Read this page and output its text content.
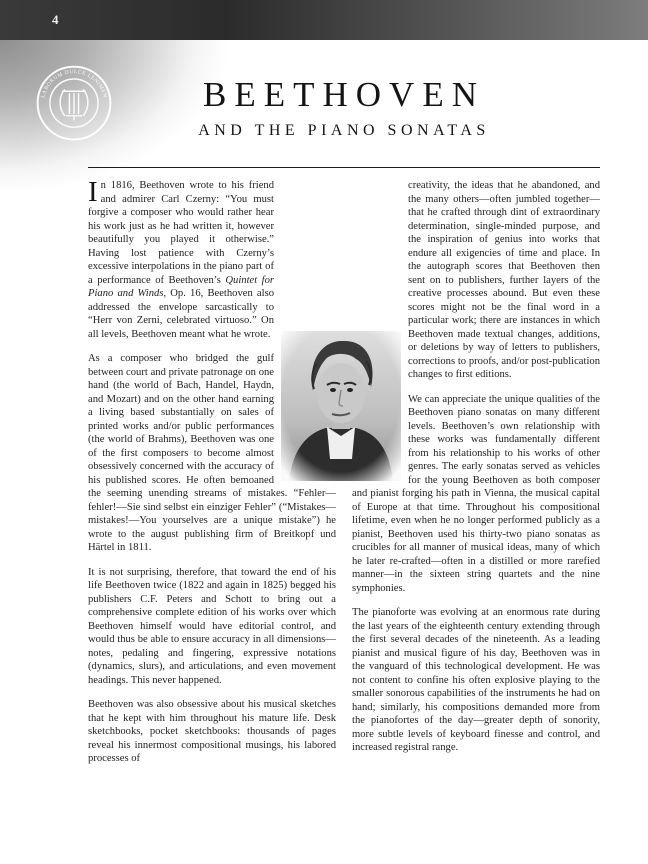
4
LABORUM DULCE LENIMEN	BEETHOVEN
AND THE PIANO SONATAS

In 1816, Beethoven wrote to his friend and admirer Carl Czerny: “You must forgive a composer who would rather hear his work just as he had written it, however beautifully you played it otherwise.” Having lost patience with Czerny’s excessive interpolations in the piano part of a performance of Beethoven’s Quintet for Piano and Winds, Op. 16, Beethoven also addressed the envelope sarcastically to “Herr von Zerni, celebrated virtuoso.” On all levels, Beethoven meant what he wrote.

As a composer who bridged the gulf between court and private patronage on one hand (the world of Bach, Handel, Haydn, and Mozart) and on the other hand earning a living based substantially on sales of printed works and/or public performances (the world of Brahms), Beethoven was one of the first composers to become almost obsessively concerned with the accuracy of his published scores. He often bemoaned the seeming unending streams of mistakes. “Fehler—fehler!—Sie sind selbst ein einziger Fehler” (“Mistakes—mistakes!—You yourselves are a unique mistake”) he wrote to the august publishing firm of Breitkopf und Härtel in 1811.

It is not surprising, therefore, that toward the end of his life Beethoven twice (1822 and again in 1825) begged his publishers C.F. Peters and Schott to bring out a comprehensive complete edition of his works over which Beethoven himself would have editorial control, and would thus be able to ensure accuracy in all dimensions—notes, pedaling and fingering, expressive notations (dynamics, slurs), and articulations, and even movement headings. This never happened.

Beethoven was also obsessive about his musical sketches that he kept with him throughout his mature life. Desk sketchbooks, pocket sketchbooks: thousands of pages reveal his innermost compositional musings, his labored processes of

creativity, the ideas that he abandoned, and the many others—often jumbled together—that he crafted through dint of extraordinary determination, single-minded purpose, and the inspiration of genius into works that endure all exigencies of time and place. In the autograph scores that Beethoven then sent on to publishers, further layers of the creative processes abound. But even these scores might not be the final word in a particular work; there are instances in which Beethoven made textual changes, additions, or deletions by way of letters to publishers, corrections to proofs, and/or post-publication changes to first editions.

We can appreciate the unique qualities of the Beethoven piano sonatas on many different levels. Beethoven’s own relationship with these works was fundamentally different from his relationship to his works of other genres. The early sonatas served as vehicles for the young Beethoven as both composer and pianist forging his path in Vienna, the musical capital of Europe at that time. Throughout his compositional lifetime, even when he no longer performed publicly as a pianist, Beethoven used his thirty-two piano sonatas as crucibles for all manner of musical ideas, many of which he later re-crafted—often in a distilled or more rarefied manner—in the sixteen string quartets and the nine symphonies.

The pianoforte was evolving at an enormous rate during the last years of the eighteenth century extending through the first several decades of the nineteenth. As a leading pianist and musical figure of his day, Beethoven was in the vanguard of this technological development. He was not content to confine his often explosive playing to the smaller sonorous capabilities of the instruments he had on hand; similarly, his compositions demanded more from the pianofortes of the day—greater depth of sonority, more subtle levels of keyboard finesse and control, and increased registral range.
